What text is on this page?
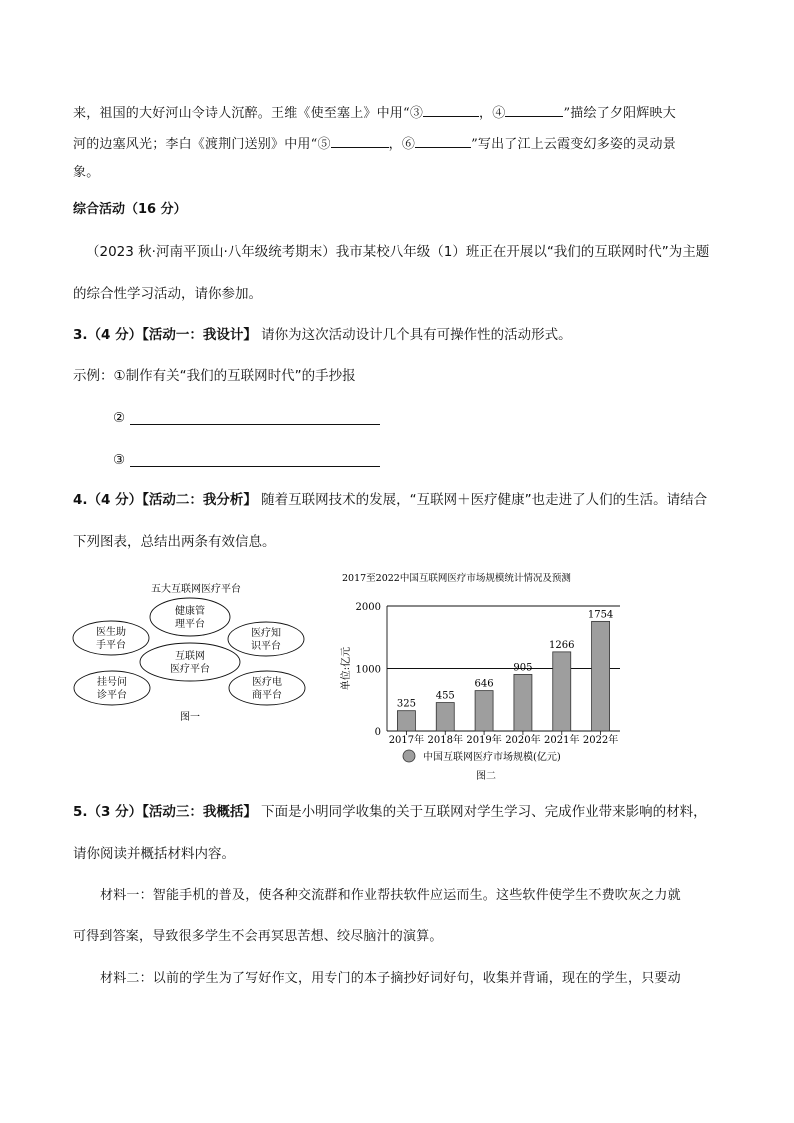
来，祖国的大好河山令诗人沉醉。王维《使至塞上》中用“③	，④	”描绘了夕阳辉映大
河的边塞风光；李白《渡荆门送别》中用“⑤	，⑥	”写出了江上云霞变幻多姿的灵动景
象。
综合活动（16 分）
（2023 秋·河南平顶山·八年级统考期末）我市某校八年级（1）班正在开展以“我们的互联网时代”为主题
的综合性学习活动，请你参加。
3.（4 分）【活动一：我设计】 请你为这次活动设计几个具有可操作性的活动形式。
示例：①制作有关“我们的互联网时代”的手抄报
②
③
4.（4 分）【活动二：我分析】 随着互联网技术的发展，“互联网＋医疗健康”也走进了人们的生活。请结合
下列图表，总结出两条有效信息。
五大互联网医疗平台
健康管
理平台
医生助
手平台
医疗知
识平台
互联网
医疗平台
挂号问
诊平台
医疗电
商平台
图一
2017至2022中国互联网医疗市场规模统计情况及预测
0
1000
2000
325
2017年
455
2018年
646
2019年
905
2020年
1266
2021年
1754
2022年
单位:亿元
中国互联网医疗市场规模(亿元)
图二
5.（3 分）【活动三：我概括】 下面是小明同学收集的关于互联网对学生学习、完成作业带来影响的材料，
请你阅读并概括材料内容。
材料一：智能手机的普及，使各种交流群和作业帮扶软件应运而生。这些软件使学生不费吹灰之力就
可得到答案，导致很多学生不会再冥思苦想、绞尽脑汁的演算。
材料二：以前的学生为了写好作文，用专门的本子摘抄好词好句，收集并背诵，现在的学生，只要动
